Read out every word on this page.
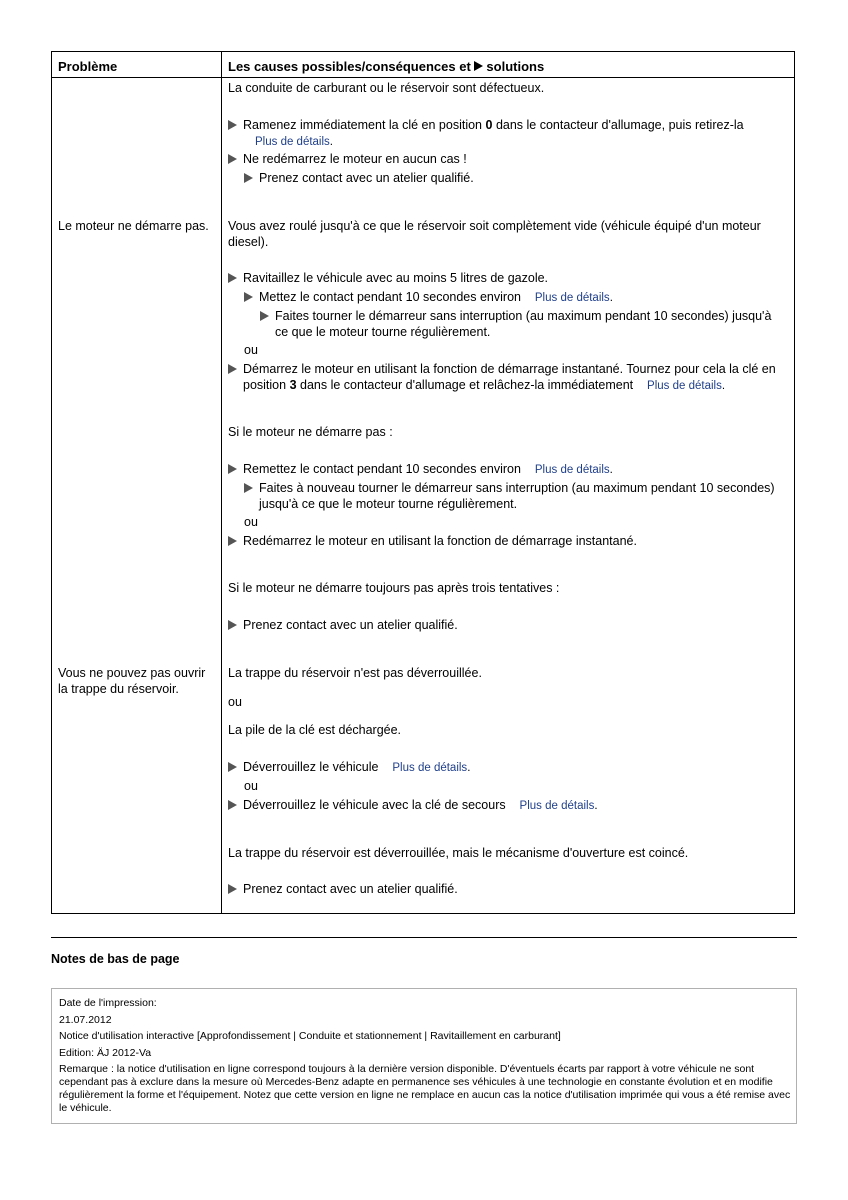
Problème	Les causes possibles/conséquences et solutions
La conduite de carburant ou le réservoir sont défectueux.
Ramenez immédiatement la clé en position 0 dans le contacteur d'allumage, puis retirez-la
Plus de détails.
Ne redémarrez le moteur en aucun cas !
Prenez contact avec un atelier qualifié.
Le moteur ne démarre pas. Vous avez roulé jusqu'à ce que le réservoir soit complètement vide (véhicule équipé d'un moteur
diesel).
Ravitaillez le véhicule avec au moins 5 litres de gazole.
Mettez le contact pendant 10 secondes environ Plus de détails.
Faites tourner le démarreur sans interruption (au maximum pendant 10 secondes) jusqu'à
ce que le moteur tourne régulièrement.
ou
Démarrez le moteur en utilisant la fonction de démarrage instantané. Tournez pour cela la clé en
position 3 dans le contacteur d'allumage et relâchez-la immédiatement Plus de détails.
Si le moteur ne démarre pas :
Remettez le contact pendant 10 secondes environ Plus de détails.
Faites à nouveau tourner le démarreur sans interruption (au maximum pendant 10 secondes)
jusqu'à ce que le moteur tourne régulièrement.
ou
Redémarrez le moteur en utilisant la fonction de démarrage instantané.
Si le moteur ne démarre toujours pas après trois tentatives :
Prenez contact avec un atelier qualifié.
Vous ne pouvez pas ouvrir
la trappe du réservoir.
La trappe du réservoir n'est pas déverrouillée.
ou
La pile de la clé est déchargée.
Déverrouillez le véhicule Plus de détails.
ou
Déverrouillez le véhicule avec la clé de secours Plus de détails.
La trappe du réservoir est déverrouillée, mais le mécanisme d'ouverture est coincé.
Prenez contact avec un atelier qualifié.
Notes de bas de page
Date de l'impression:
21.07.2012
Notice d'utilisation interactive [Approfondissement | Conduite et stationnement | Ravitaillement en carburant]
Edition: ÄJ 2012-Va
Remarque : la notice d'utilisation en ligne correspond toujours à la dernière version disponible. D'éventuels écarts par rapport à votre véhicule ne sont
cependant pas à exclure dans la mesure où Mercedes-Benz adapte en permanence ses véhicules à une technologie en constante évolution et en modifie
régulièrement la forme et l'équipement. Notez que cette version en ligne ne remplace en aucun cas la notice d'utilisation imprimée qui vous a été remise avec
le véhicule.
